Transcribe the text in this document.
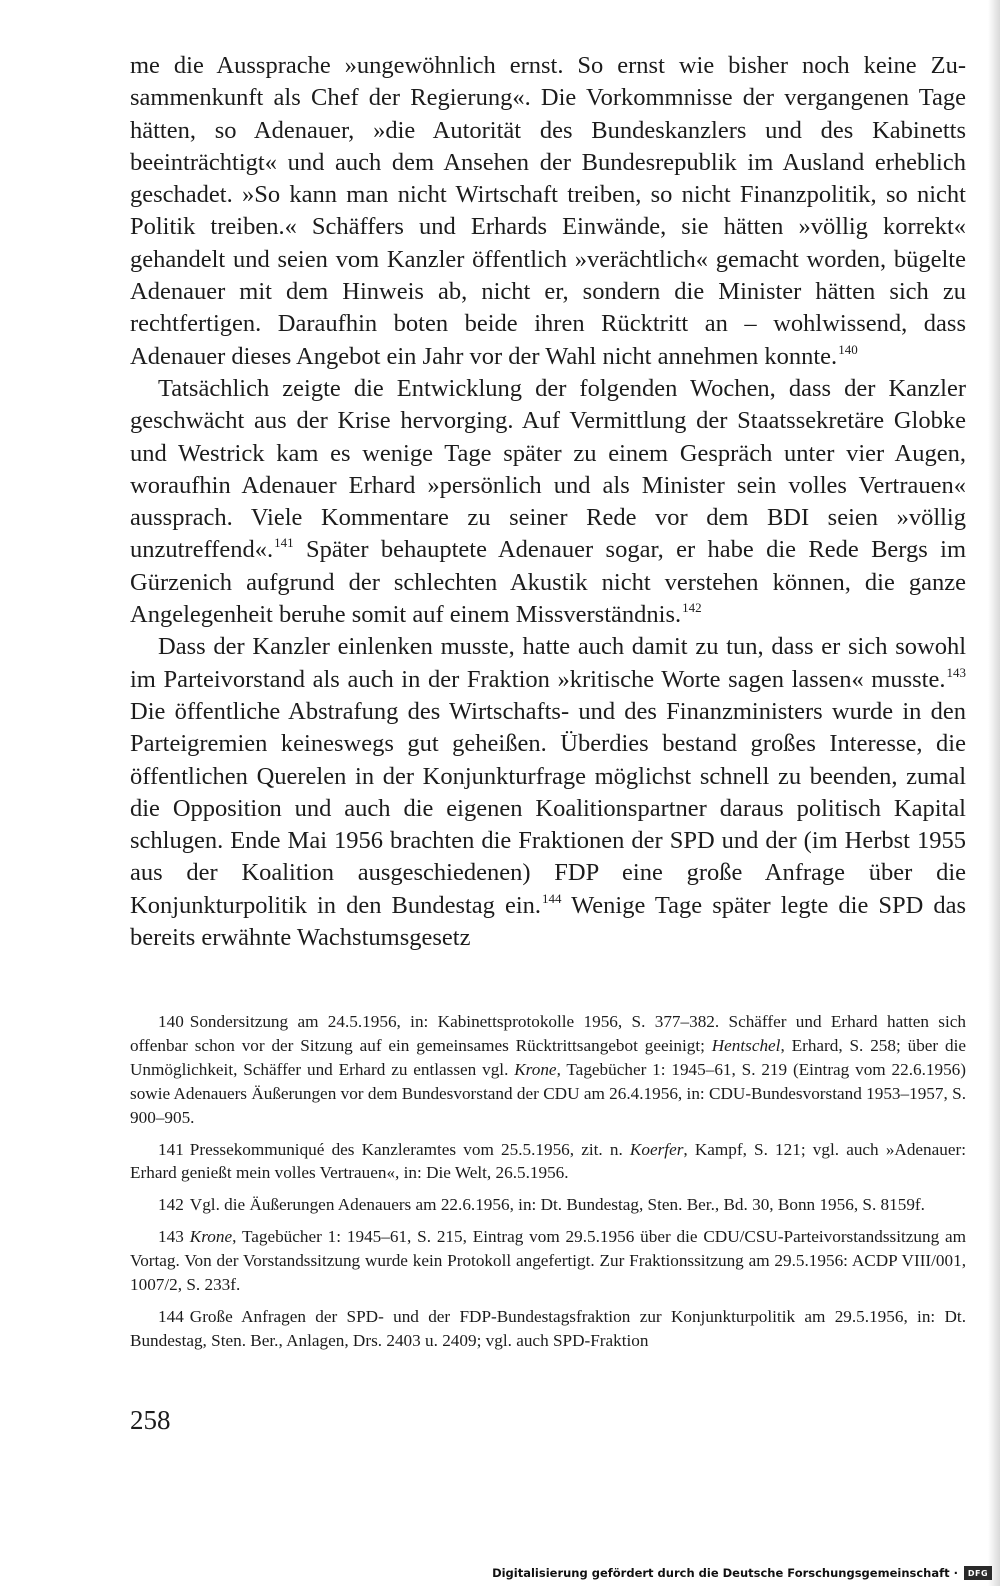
me die Aussprache »ungewöhnlich ernst. So ernst wie bisher noch keine Zusammenkunft als Chef der Regierung«. Die Vorkommnisse der vergangenen Tage hätten, so Adenauer, »die Autorität des Bundeskanzlers und des Kabinetts beeinträchtigt« und auch dem Ansehen der Bundesrepublik im Ausland erheblich geschadet. »So kann man nicht Wirtschaft treiben, so nicht Finanzpolitik, so nicht Politik treiben.« Schäffers und Erhards Einwände, sie hätten »völlig korrekt« gehandelt und seien vom Kanzler öffentlich »verächtlich« gemacht worden, bügelte Adenauer mit dem Hinweis ab, nicht er, sondern die Minister hätten sich zu rechtfertigen. Daraufhin boten beide ihren Rücktritt an – wohlwissend, dass Adenauer dieses Angebot ein Jahr vor der Wahl nicht annehmen konnte.$^{140}$

Tatsächlich zeigte die Entwicklung der folgenden Wochen, dass der Kanzler geschwächt aus der Krise hervorging. Auf Vermittlung der Staatssekretäre Globke und Westrick kam es wenige Tage später zu einem Gespräch unter vier Augen, woraufhin Adenauer Erhard »persönlich und als Minister sein volles Vertrauen« aussprach. Viele Kommentare zu seiner Rede vor dem BDI seien »völlig unzutreffend«.$^{141}$ Später behauptete Adenauer sogar, er habe die Rede Bergs im Gürzenich aufgrund der schlechten Akustik nicht verstehen können, die ganze Angelegenheit beruhe somit auf einem Missverständnis.$^{142}$

Dass der Kanzler einlenken musste, hatte auch damit zu tun, dass er sich sowohl im Parteivorstand als auch in der Fraktion »kritische Worte sagen lassen« musste.$^{143}$ Die öffentliche Abstrafung des Wirtschafts- und des Finanzministers wurde in den Parteigremien keineswegs gut geheißen. Überdies bestand großes Interesse, die öffentlichen Querelen in der Konjunkturfrage möglichst schnell zu beenden, zumal die Opposition und auch die eigenen Koalitionspartner daraus politisch Kapital schlugen. Ende Mai 1956 brachten die Fraktionen der SPD und der (im Herbst 1955 aus der Koalition ausgeschiedenen) FDP eine große Anfrage über die Konjunkturpolitik in den Bundestag ein.$^{144}$ Wenige Tage später legte die SPD das bereits erwähnte Wachstumsgesetz

140 Sondersitzung am 24.5.1956, in: Kabinettsprotokolle 1956, S. 377–382. Schäffer und Erhard hatten sich offenbar schon vor der Sitzung auf ein gemeinsames Rücktrittsangebot geeinigt; Hentschel, Erhard, S. 258; über die Unmöglichkeit, Schäffer und Erhard zu entlassen vgl. Krone, Tagebücher 1: 1945–61, S. 219 (Eintrag vom 22.6.1956) sowie Adenauers Äußerungen vor dem Bundesvorstand der CDU am 26.4.1956, in: CDU-Bundesvorstand 1953–1957, S. 900–905.

141 Pressekommuniqué des Kanzleramtes vom 25.5.1956, zit. n. Koerfer, Kampf, S. 121; vgl. auch »Adenauer: Erhard genießt mein volles Vertrauen«, in: Die Welt, 26.5.1956.

142 Vgl. die Äußerungen Adenauers am 22.6.1956, in: Dt. Bundestag, Sten. Ber., Bd. 30, Bonn 1956, S. 8159f.

143 Krone, Tagebücher 1: 1945–61, S. 215, Eintrag vom 29.5.1956 über die CDU/CSU-Parteivorstandssitzung am Vortag. Von der Vorstandssitzung wurde kein Protokoll angefertigt. Zur Fraktionssitzung am 29.5.1956: ACDP VIII/001, 1007/2, S. 233f.

144 Große Anfragen der SPD- und der FDP-Bundestagsfraktion zur Konjunkturpolitik am 29.5.1956, in: Dt. Bundestag, Sten. Ber., Anlagen, Drs. 2403 u. 2409; vgl. auch SPD-Fraktion

258
Digitalisierung gefördert durch die Deutsche Forschungsgemeinschaft ·	DFG
